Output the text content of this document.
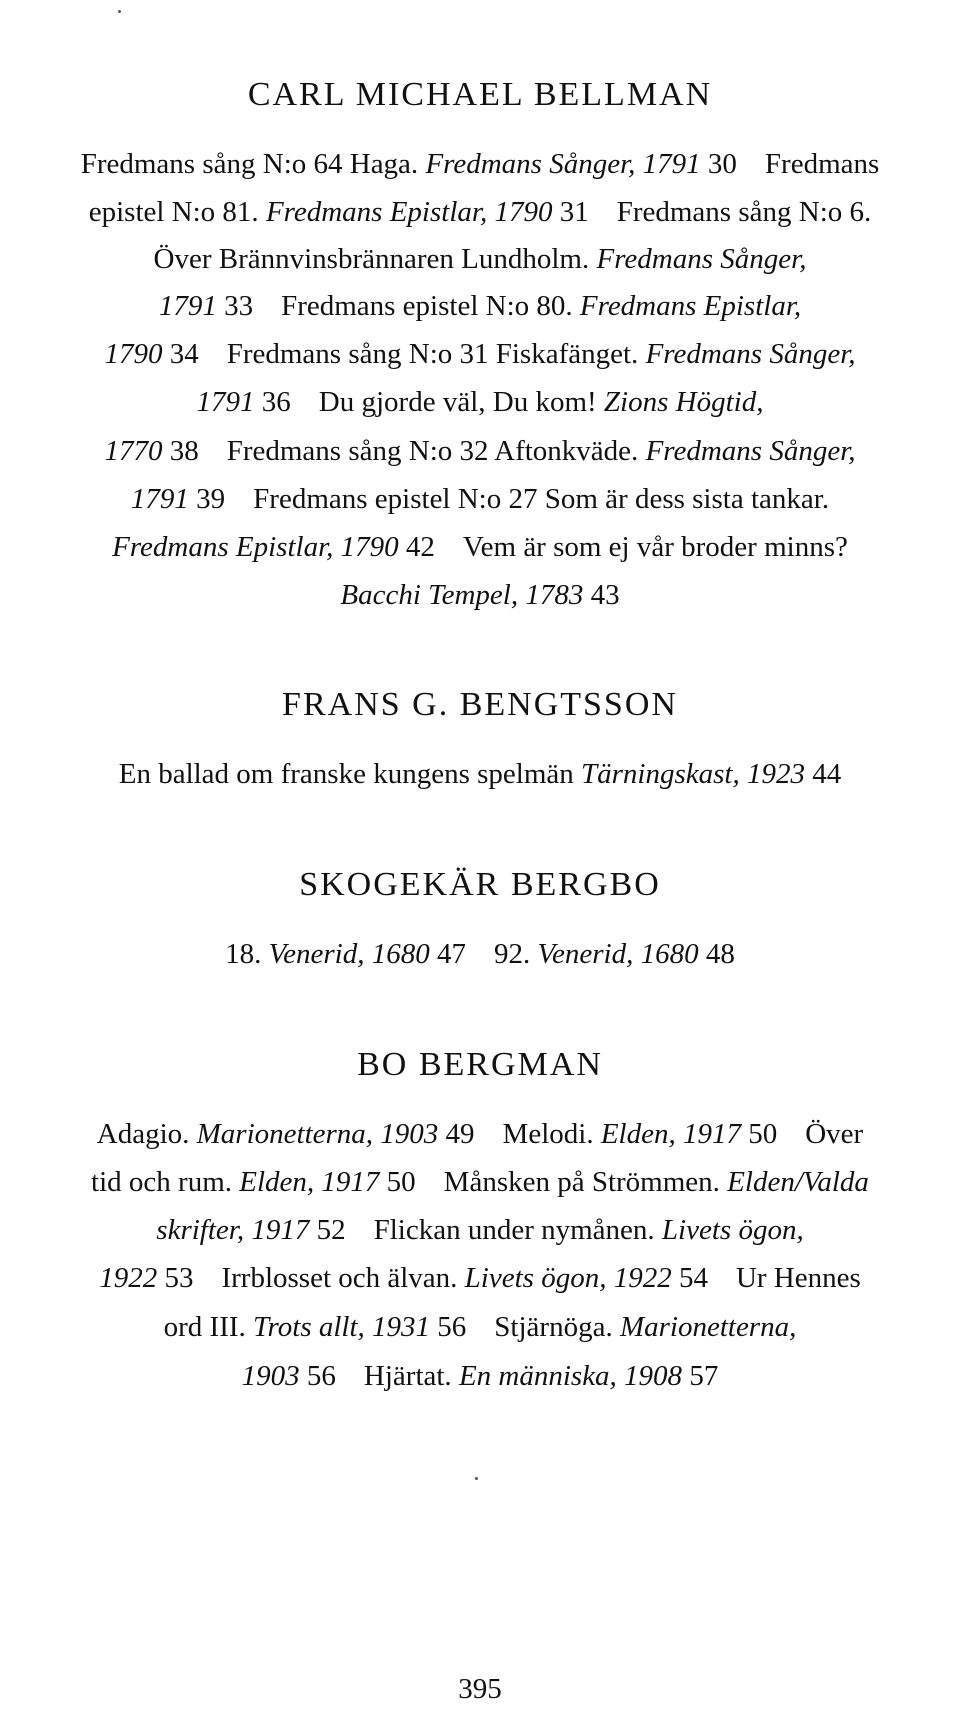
395
CARL MICHAEL BELLMAN
Fredmans sång N:o 64 Haga. Fredmans Sånger, 1791 30 Fredmans
epistel N:o 81. Fredmans Epistlar, 1790 31 Fredmans sång N:o 6.
Över Brännvinsbrännaren Lundholm. Fredmans Sånger,
1791 33 Fredmans epistel N:o 80. Fredmans Epistlar,
1790 34 Fredmans sång N:o 31 Fiskafänget. Fredmans Sånger,
1791 36 Du gjorde väl, Du kom! Zions Högtid,
1770 38 Fredmans sång N:o 32 Aftonkväde. Fredmans Sånger,
1791 39 Fredmans epistel N:o 27 Som är dess sista tankar.
Fredmans Epistlar, 1790 42 Vem är som ej vår broder minns?
Bacchi Tempel, 1783 43
FRANS G. BENGTSSON
En ballad om franske kungens spelmän Tärningskast, 1923 44
SKOGEKÄR BERGBO
18. Venerid, 1680 47 92. Venerid, 1680 48
BO BERGMAN
Adagio. Marionetterna, 1903 49 Melodi. Elden, 1917 50 Över
tid och rum. Elden, 1917 50 Månsken på Strömmen. Elden/Valda
skrifter, 1917 52 Flickan under nymånen. Livets ögon,
1922 53 Irrblosset och älvan. Livets ögon, 1922 54 Ur Hennes
ord III. Trots allt, 1931 56 Stjärnöga. Marionetterna,
1903 56 Hjärtat. En människa, 1908 57
